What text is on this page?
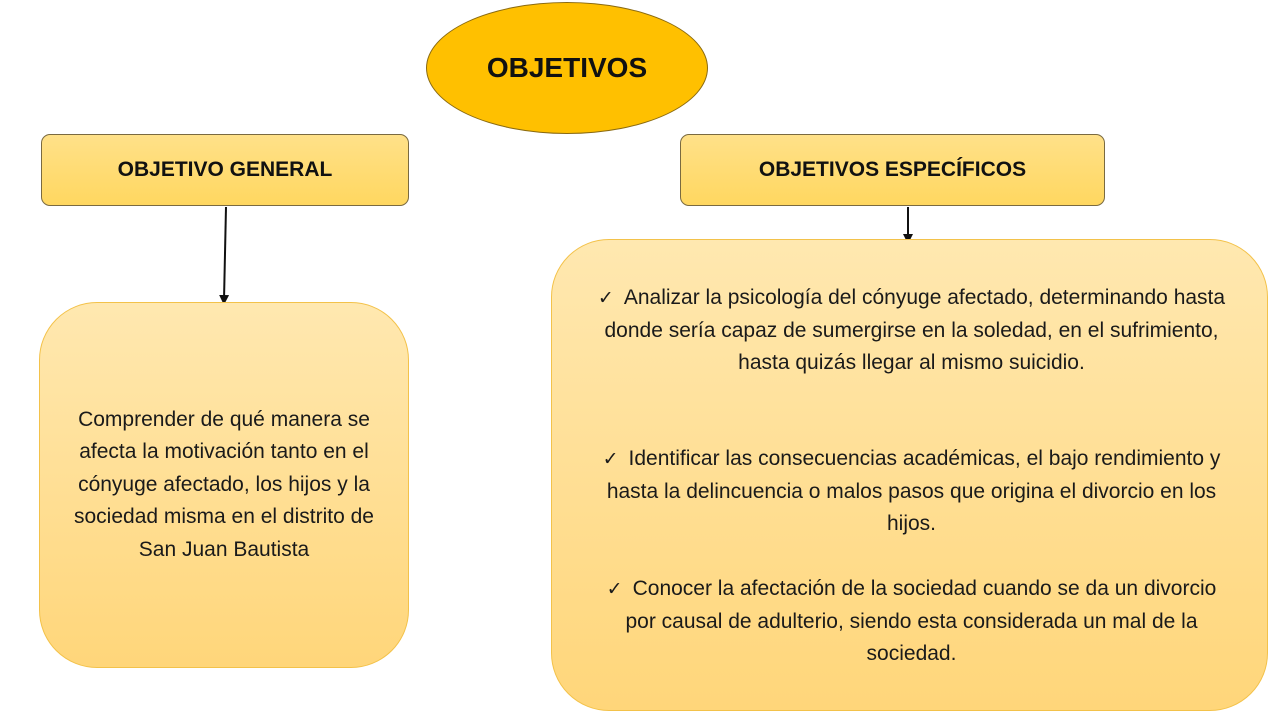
OBJETIVOS
OBJETIVO GENERAL	OBJETIVOS ESPECÍFICOS

Comprender de qué manera se afecta la motivación tanto en el cónyuge afectado, los hijos y la sociedad misma en el distrito de San Juan Bautista

✓ Analizar la psicología del cónyuge afectado, determinando hasta donde sería capaz de sumergirse en la soledad, en el sufrimiento, hasta quizás llegar al mismo suicidio.

✓ Identificar las consecuencias académicas, el bajo rendimiento y hasta la delincuencia o malos pasos que origina el divorcio en los hijos.

✓ Conocer la afectación de la sociedad cuando se da un divorcio por causal de adulterio, siendo esta considerada un mal de la sociedad.
